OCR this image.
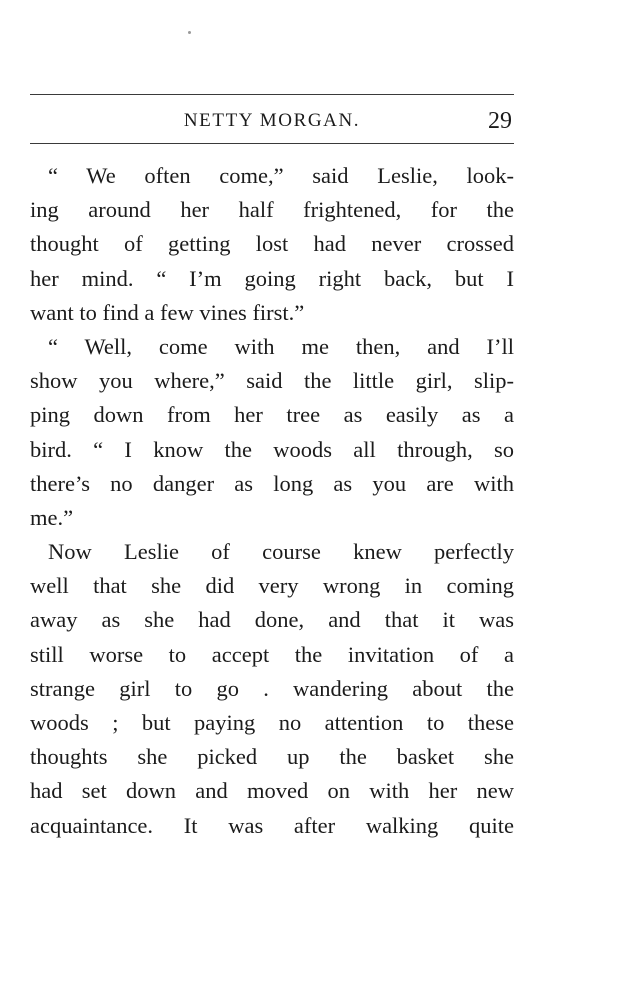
NETTY MORGAN.	29
“ We often come,” said Leslie, look-
ing around her half frightened, for the
thought of getting lost had never crossed
her mind. “ I’m going right back, but I
want to find a few vines first.”
“ Well, come with me then, and I’ll
show you where,” said the little girl, slip-
ping down from her tree as easily as a
bird. “ I know the woods all through, so
there’s no danger as long as you are with
me.”
Now Leslie of course knew perfectly
well that she did very wrong in coming
away as she had done, and that it was
still worse to accept the invitation of a
strange girl to go . wandering about the
woods ; but paying no attention to these
thoughts she picked up the basket she
had set down and moved on with her new
acquaintance. It was after walking quite
